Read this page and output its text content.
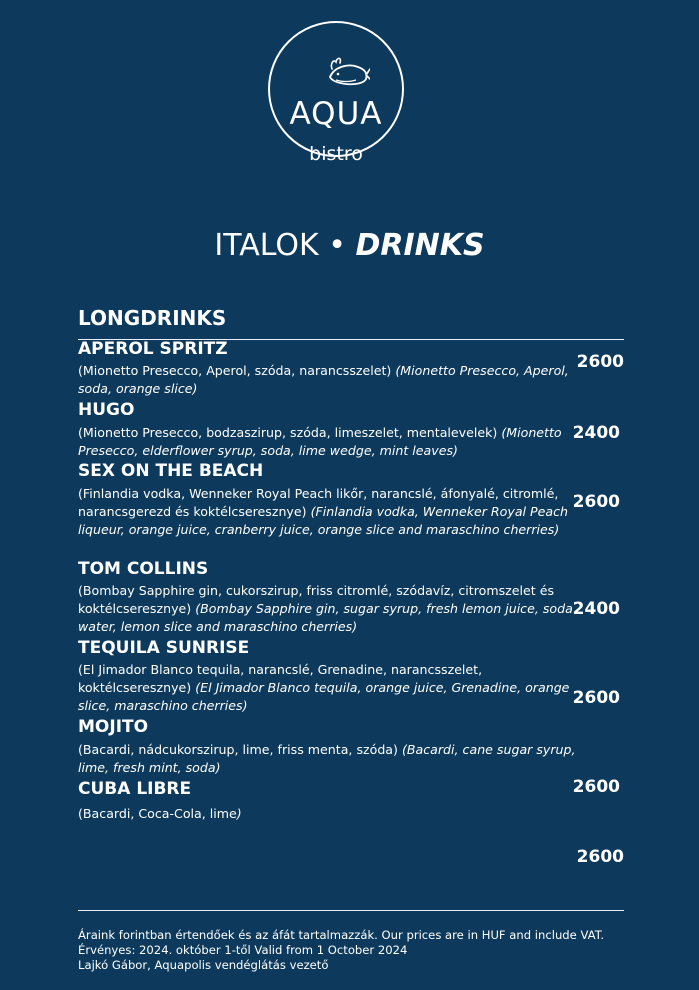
AQUA
bistro
ITALOK • DRINKS
LONGDRINKS
APEROL SPRITZ
(Mionetto Presecco, Aperol, szóda, narancsszelet) (Mionetto Presecco, Aperol, soda, orange slice)
2600
HUGO
(Mionetto Presecco, bodzaszirup, szóda, limeszelet, mentalevelek) (Mionetto Presecco, elderflower syrup, soda, lime wedge, mint leaves)
2400
SEX ON THE BEACH
(Finlandia vodka, Wenneker Royal Peach likőr, narancslé, áfonyalé, citromlé, narancsgerezd és koktélcseresznye) (Finlandia vodka, Wenneker Royal Peach liqueur, orange juice, cranberry juice, orange slice and maraschino cherries)
2600
TOM COLLINS
(Bombay Sapphire gin, cukorszirup, friss citromlé, szódavíz, citromszelet és koktélcseresznye) (Bombay Sapphire gin, sugar syrup, fresh lemon juice, soda water, lemon slice and maraschino cherries)
2400
TEQUILA SUNRISE
(El Jimador Blanco tequila, narancslé, Grenadine, narancsszelet, koktélcseresznye) (El Jimador Blanco tequila, orange juice, Grenadine, orange slice, maraschino cherries)	2600
MOJITO
(Bacardi, nádcukorszirup, lime, friss menta, szóda) (Bacardi, cane sugar syrup, lime, fresh mint, soda)
2600
CUBA LIBRE
(Bacardi, Coca-Cola, lime)
2600
Áraink forintban értendőek és az áfát tartalmazzák. Our prices are in HUF and include VAT.
Érvényes: 2024. október 1-től Valid from 1 October 2024
Lajkó Gábor, Aquapolis vendéglátás vezető
